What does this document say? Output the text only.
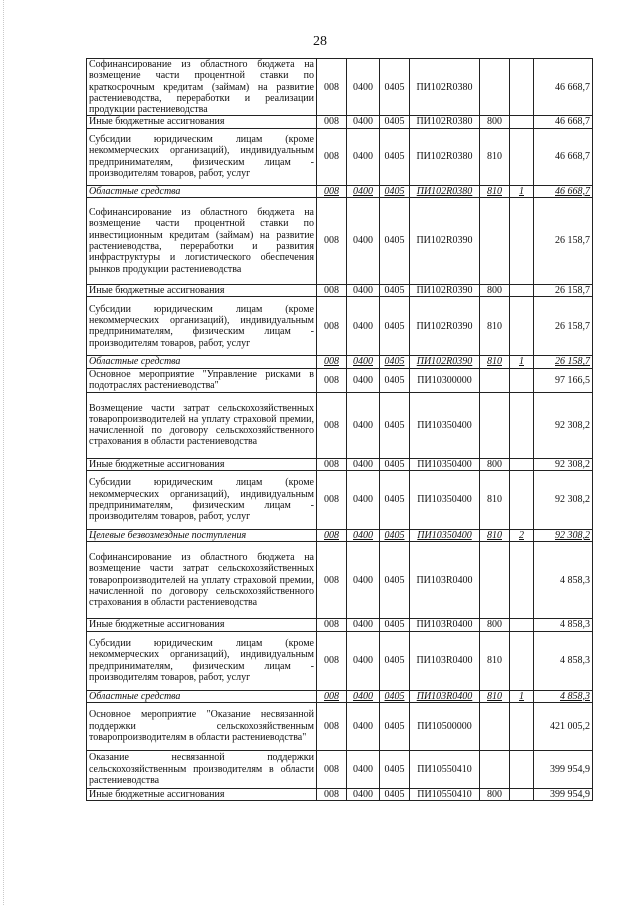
28
Софинансирование из областного бюджета на возмещение части процентной ставки по краткосрочным кредитам (займам) на развитие растениеводства, переработки и реализации продукции растениеводства	008	0400	0405	ПИ102R0380			46 668,7
Иные бюджетные ассигнования	008	0400	0405	ПИ102R0380	800		46 668,7
Субсидии юридическим лицам (кроме некоммерческих организаций), индивидуальным предпринимателям, физическим лицам - производителям товаров, работ, услуг	008	0400	0405	ПИ102R0380	810		46 668,7
Областные средства	008	0400	0405	ПИ102R0380	810	1	46 668,7
Софинансирование из областного бюджета на возмещение части процентной ставки по инвестиционным кредитам (займам) на развитие растениеводства, переработки и развития инфраструктуры и логистического обеспечения рынков продукции растениеводства	008	0400	0405	ПИ102R0390			26 158,7
Иные бюджетные ассигнования	008	0400	0405	ПИ102R0390	800		26 158,7
Субсидии юридическим лицам (кроме некоммерческих организаций), индивидуальным предпринимателям, физическим лицам - производителям товаров, работ, услуг	008	0400	0405	ПИ102R0390	810		26 158,7
Областные средства	008	0400	0405	ПИ102R0390	810	1	26 158,7
Основное мероприятие "Управление рисками в подотраслях растениеводства"	008	0400	0405	ПИ10300000			97 166,5
Возмещение части затрат сельскохозяйственных товаропроизводителей на уплату страховой премии, начисленной по договору сельскохозяйственного страхования в области растениеводства	008	0400	0405	ПИ10350400			92 308,2
Иные бюджетные ассигнования	008	0400	0405	ПИ10350400	800		92 308,2
Субсидии юридическим лицам (кроме некоммерческих организаций), индивидуальным предпринимателям, физическим лицам - производителям товаров, работ, услуг	008	0400	0405	ПИ10350400	810		92 308,2
Целевые безвозмездные поступления	008	0400	0405	ПИ10350400	810	2	92 308,2
Софинансирование из областного бюджета на возмещение части затрат сельскохозяйственных товаропроизводителей на уплату страховой премии, начисленной по договору сельскохозяйственного страхования в области растениеводства	008	0400	0405	ПИ103R0400			4 858,3
Иные бюджетные ассигнования	008	0400	0405	ПИ103R0400	800		4 858,3
Субсидии юридическим лицам (кроме некоммерческих организаций), индивидуальным предпринимателям, физическим лицам - производителям товаров, работ, услуг	008	0400	0405	ПИ103R0400	810		4 858,3
Областные средства	008	0400	0405	ПИ103R0400	810	1	4 858,3
Основное мероприятие "Оказание несвязанной поддержки сельскохозяйственным товаропроизводителям в области растениеводства"	008	0400	0405	ПИ10500000			421 005,2
Оказание несвязанной поддержки сельскохозяйственным производителям в области растениеводства	008	0400	0405	ПИ10550410			399 954,9
Иные бюджетные ассигнования	008	0400	0405	ПИ10550410	800		399 954,9
